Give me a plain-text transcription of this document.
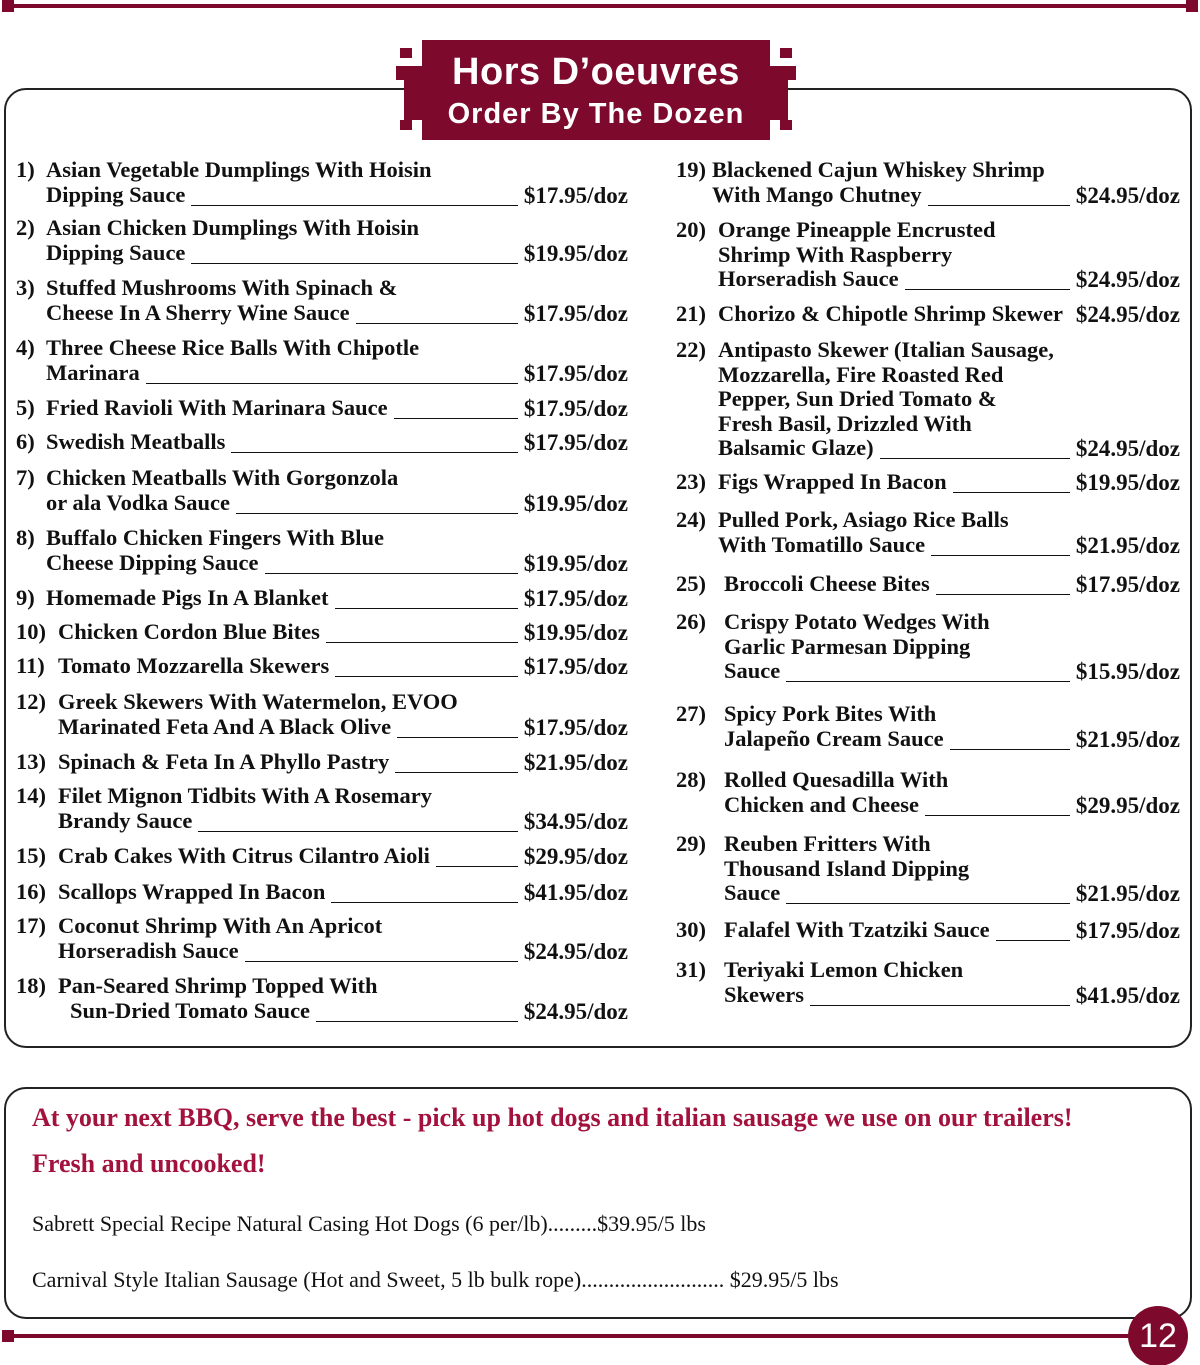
Hors D’oeuvres
Order By The Dozen
1) Asian Vegetable Dumplings With Hoisin
Dipping Sauce	$17.95/doz
2) Asian Chicken Dumplings With Hoisin
Dipping Sauce	$19.95/doz
3) Stuffed Mushrooms With Spinach &
Cheese In A Sherry Wine Sauce	$17.95/doz
4) Three Cheese Rice Balls With Chipotle
Marinara	$17.95/doz
5) Fried Ravioli With Marinara Sauce	$17.95/doz
6) Swedish Meatballs	$17.95/doz
7) Chicken Meatballs With Gorgonzola
or ala Vodka Sauce	$19.95/doz
8) Buffalo Chicken Fingers With Blue
Cheese Dipping Sauce	$19.95/doz
9) Homemade Pigs In A Blanket	$17.95/doz
10) Chicken Cordon Blue Bites	$19.95/doz
11) Tomato Mozzarella Skewers	$17.95/doz
12) Greek Skewers With Watermelon, EVOO
Marinated Feta And A Black Olive	$17.95/doz
13) Spinach & Feta In A Phyllo Pastry	$21.95/doz
14) Filet Mignon Tidbits With A Rosemary
Brandy Sauce	$34.95/doz
15) Crab Cakes With Citrus Cilantro Aioli	$29.95/doz
16) Scallops Wrapped In Bacon	$41.95/doz
17) Coconut Shrimp With An Apricot
Horseradish Sauce	$24.95/doz
18) Pan-Seared Shrimp Topped With
Sun-Dried Tomato Sauce	$24.95/doz
19) Blackened Cajun Whiskey Shrimp
With Mango Chutney	$24.95/doz
20) Orange Pineapple Encrusted
Shrimp With Raspberry
Horseradish Sauce	$24.95/doz
21) Chorizo & Chipotle Shrimp Skewer $24.95/doz
22) Antipasto Skewer (Italian Sausage,
Mozzarella, Fire Roasted Red
Pepper, Sun Dried Tomato &
Fresh Basil, Drizzled With
Balsamic Glaze)	$24.95/doz
23) Figs Wrapped In Bacon	$19.95/doz
24) Pulled Pork, Asiago Rice Balls
With Tomatillo Sauce	$21.95/doz
25) Broccoli Cheese Bites	$17.95/doz
26) Crispy Potato Wedges With
Garlic Parmesan Dipping
Sauce	$15.95/doz
27) Spicy Pork Bites With
Jalapeño Cream Sauce	$21.95/doz
28) Rolled Quesadilla With
Chicken and Cheese	$29.95/doz
29) Reuben Fritters With
Thousand Island Dipping
Sauce	$21.95/doz
30) Falafel With Tzatziki Sauce	$17.95/doz
31) Teriyaki Lemon Chicken
Skewers	$41.95/doz
At your next BBQ, serve the best - pick up hot dogs and italian sausage we use on our trailers!
Fresh and uncooked!
Sabrett Special Recipe Natural Casing Hot Dogs (6 per/lb).........$39.95/5 lbs
Carnival Style Italian Sausage (Hot and Sweet, 5 lb bulk rope).......................... $29.95/5 lbs
12
